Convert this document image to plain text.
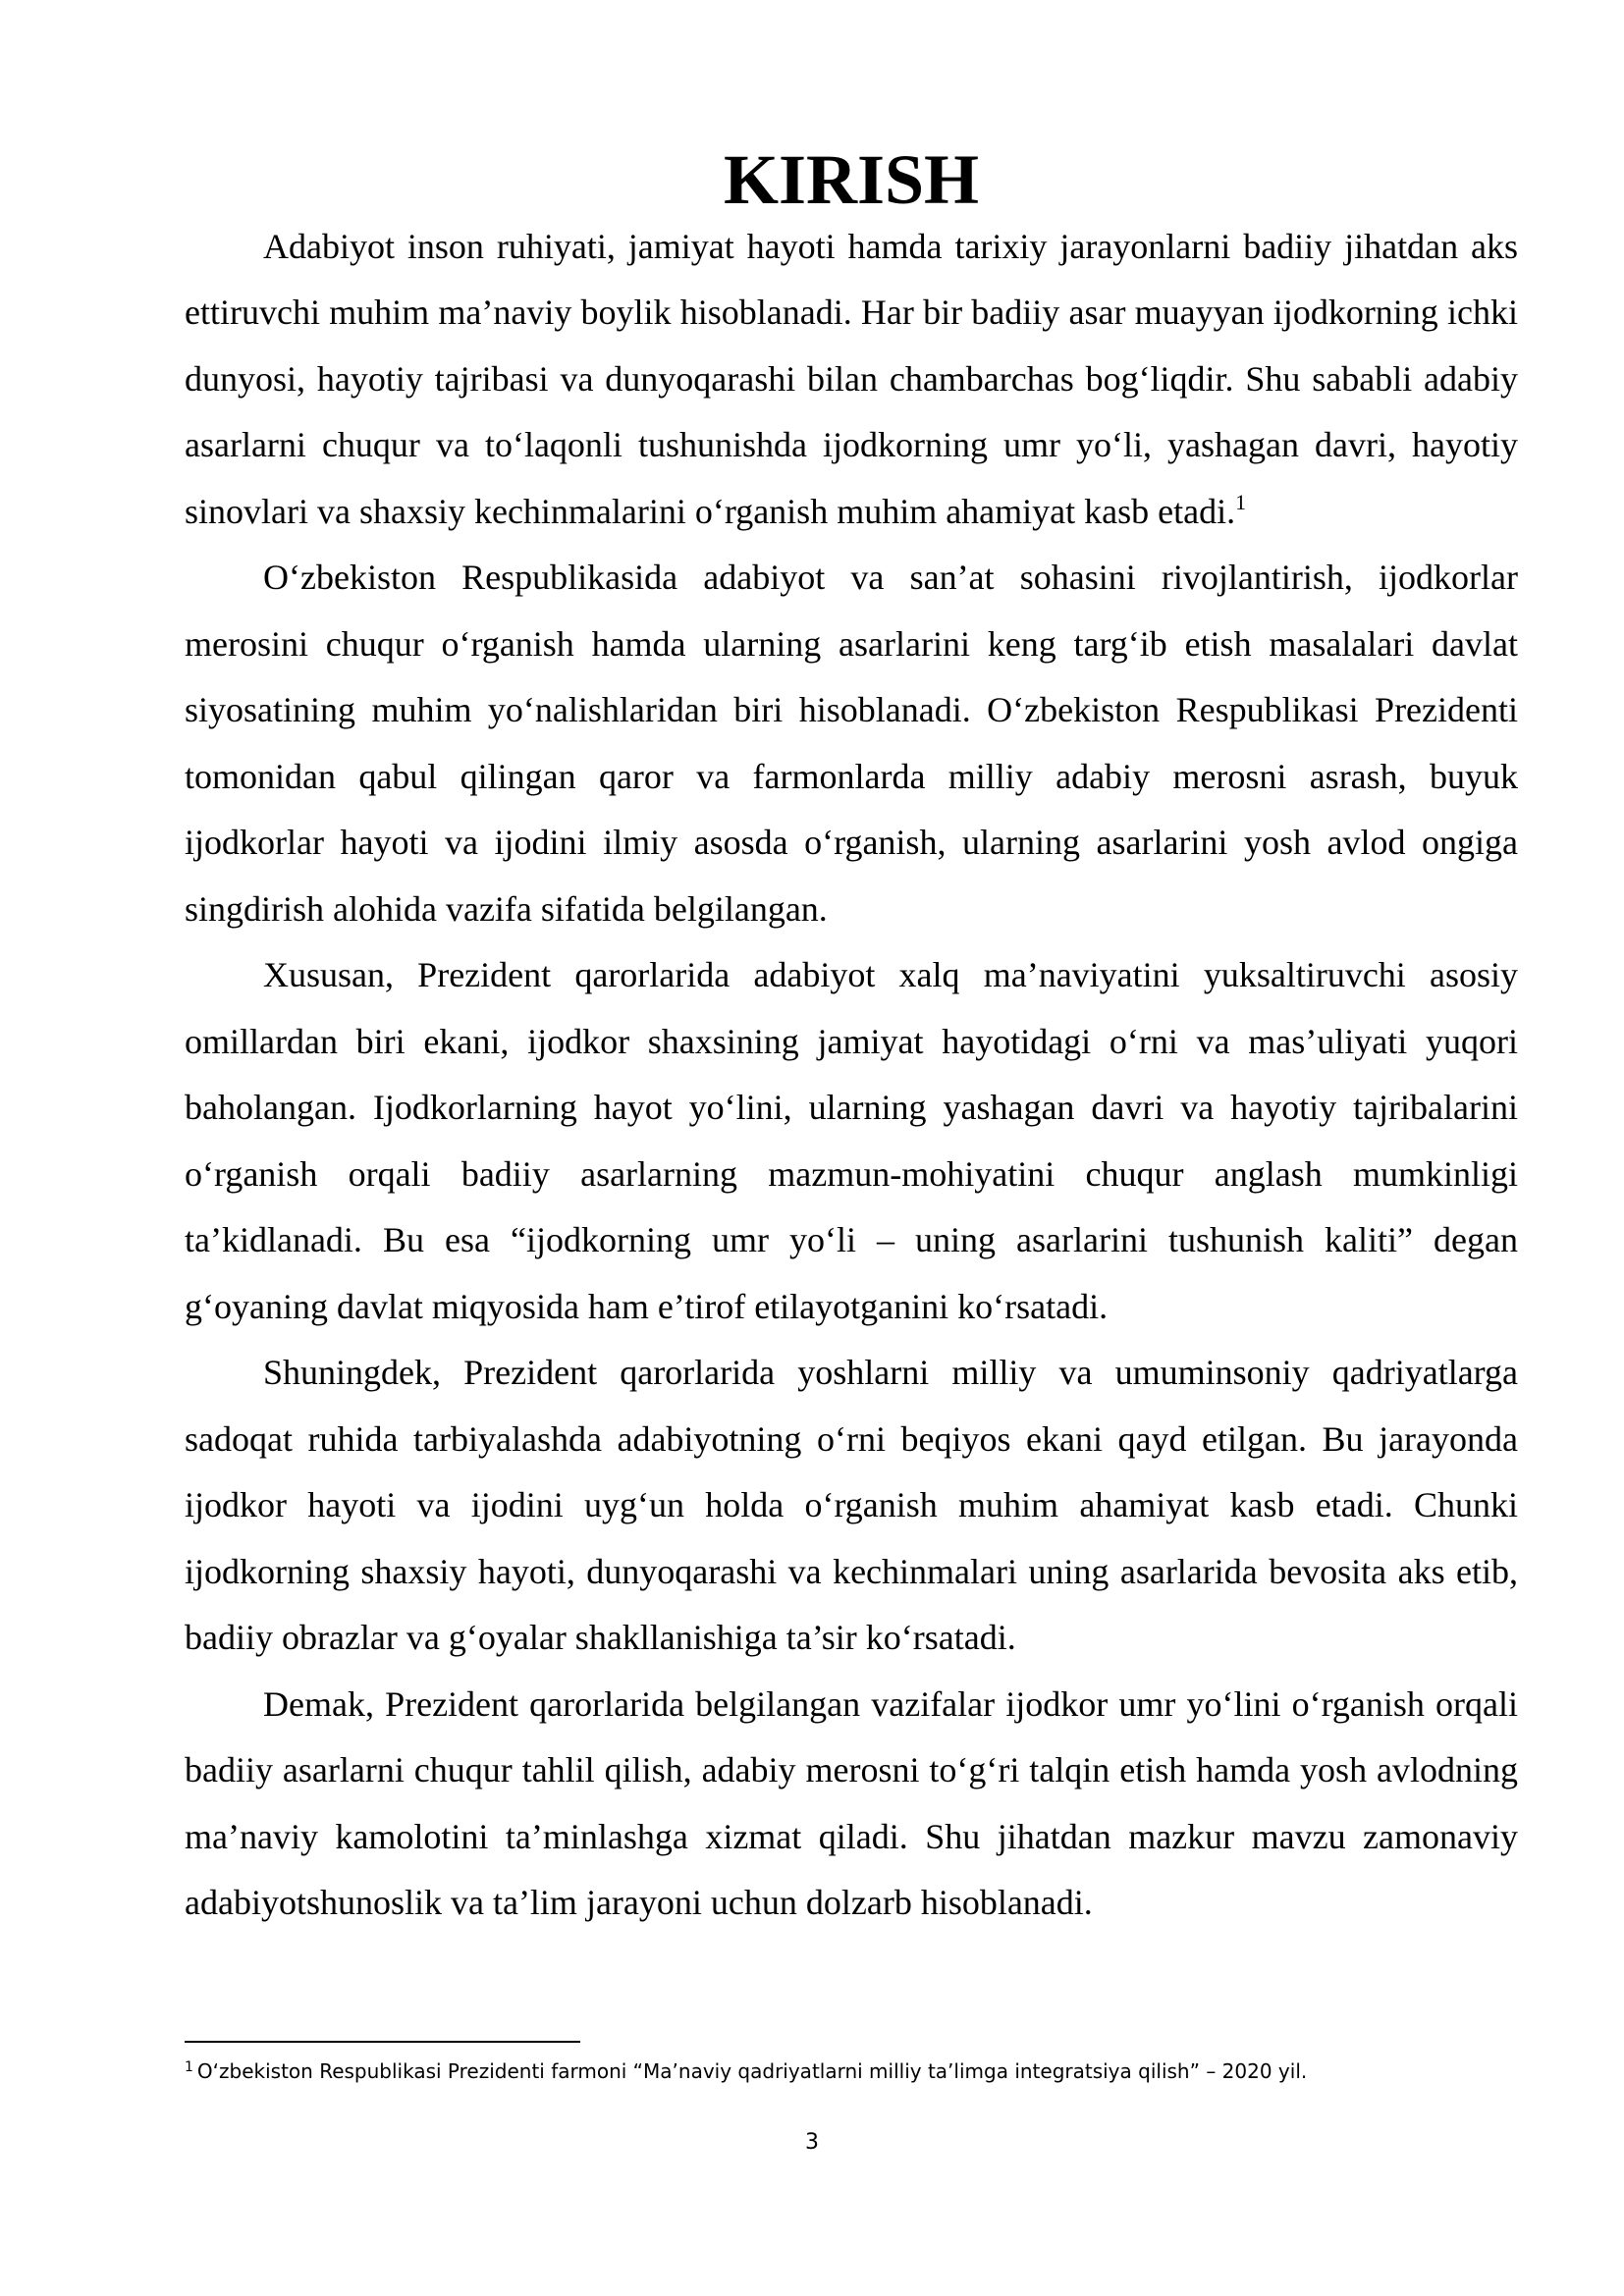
KIRISH

Adabiyot inson ruhiyati, jamiyat hayoti hamda tarixiy jarayonlarni badiiy jihatdan aks ettiruvchi muhim ma’naviy boylik hisoblanadi. Har bir badiiy asar muayyan ijodkorning ichki dunyosi, hayotiy tajribasi va dunyoqarashi bilan chambarchas bog‘liqdir. Shu sababli adabiy asarlarni chuqur va to‘laqonli tushunishda ijodkorning umr yo‘li, yashagan davri, hayotiy sinovlari va shaxsiy kechinmalarini o‘rganish muhim ahamiyat kasb etadi.$^1$

O‘zbekiston Respublikasida adabiyot va san’at sohasini rivojlantirish, ijodkorlar merosini chuqur o‘rganish hamda ularning asarlarini keng targ‘ib etish masalalari davlat siyosatining muhim yo‘nalishlaridan biri hisoblanadi. O‘zbekiston Respublikasi Prezidenti tomonidan qabul qilingan qaror va farmonlarda milliy adabiy merosni asrash, buyuk ijodkorlar hayoti va ijodini ilmiy asosda o‘rganish, ularning asarlarini yosh avlod ongiga singdirish alohida vazifa sifatida belgilangan.

Xususan, Prezident qarorlarida adabiyot xalq ma’naviyatini yuksaltiruvchi asosiy omillardan biri ekani, ijodkor shaxsining jamiyat hayotidagi o‘rni va mas’uliyati yuqori baholangan. Ijodkorlarning hayot yo‘lini, ularning yashagan davri va hayotiy tajribalarini o‘rganish orqali badiiy asarlarning mazmun-mohiyatini chuqur anglash mumkinligi ta’kidlanadi. Bu esa “ijodkorning umr yo‘li – uning asarlarini tushunish kaliti” degan g‘oyaning davlat miqyosida ham e’tirof etilayotganini ko‘rsatadi.

Shuningdek, Prezident qarorlarida yoshlarni milliy va umuminsoniy qadriyatlarga sadoqat ruhida tarbiyalashda adabiyotning o‘rni beqiyos ekani qayd etilgan. Bu jarayonda ijodkor hayoti va ijodini uyg‘un holda o‘rganish muhim ahamiyat kasb etadi. Chunki ijodkorning shaxsiy hayoti, dunyoqarashi va kechinmalari uning asarlarida bevosita aks etib, badiiy obrazlar va g‘oyalar shakllanishiga ta’sir ko‘rsatadi.

Demak, Prezident qarorlarida belgilangan vazifalar ijodkor umr yo‘lini o‘rganish orqali badiiy asarlarni chuqur tahlil qilish, adabiy merosni to‘g‘ri talqin etish hamda yosh avlodning ma’naviy kamolotini ta’minlashga xizmat qiladi. Shu jihatdan mazkur mavzu zamonaviy adabiyotshunoslik va ta’lim jarayoni uchun dolzarb hisoblanadi.

$^1$ O‘zbekiston Respublikasi Prezidenti farmoni “Ma’naviy qadriyatlarni milliy ta’limga integratsiya qilish” – 2020 yil.
3
